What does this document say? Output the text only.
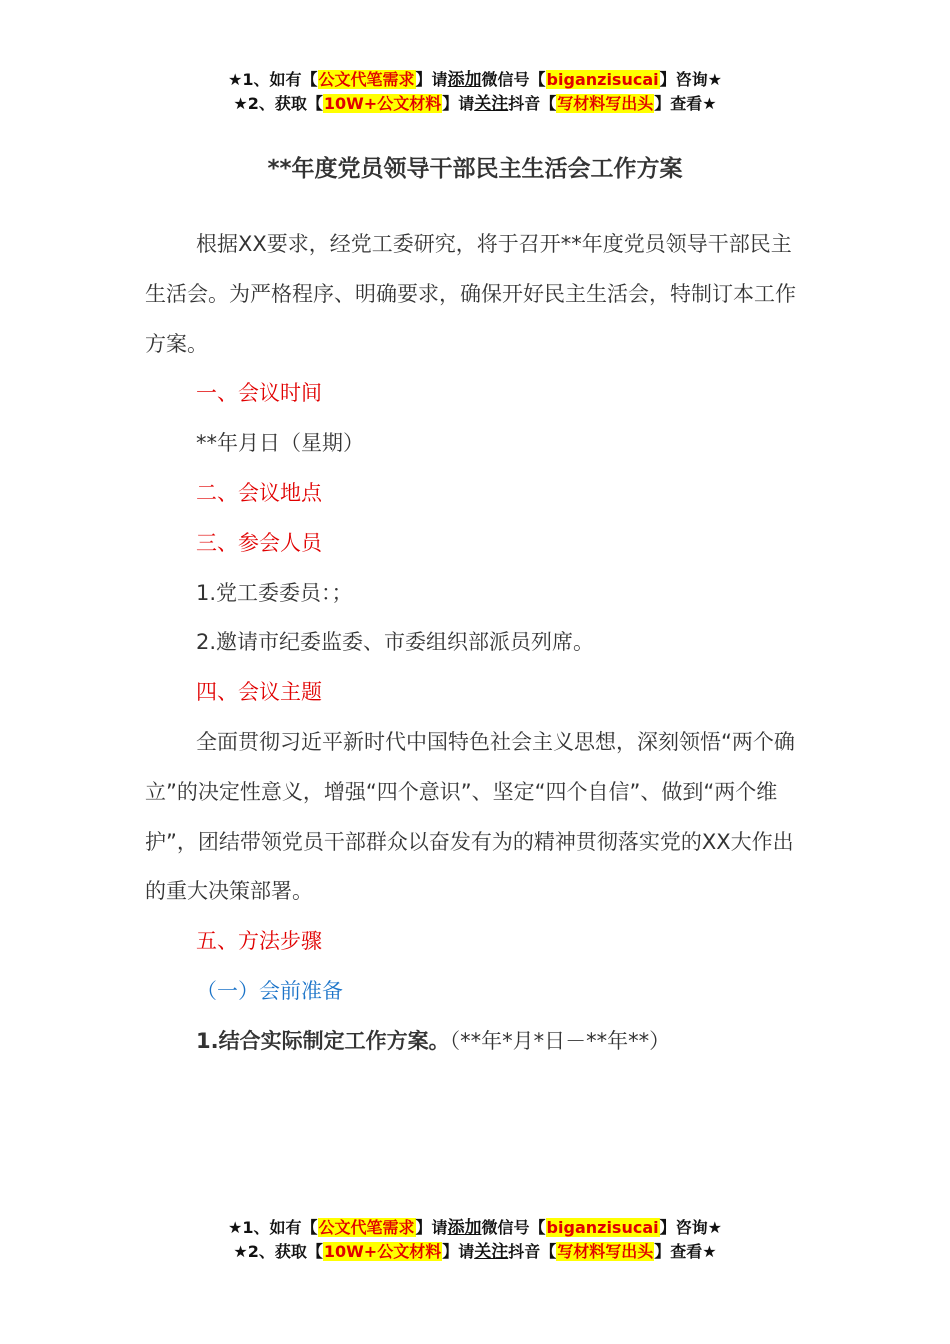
★1、如有【公文代笔需求】请添加微信号【biganzisucai】咨询★
★2、获取【10W+公文材料】请关注抖音【写材料写出头】查看★
**年度党员领导干部民主生活会工作方案

根据XX要求，经党工委研究，将于召开**年度党员领导干部民主生活会。为严格程序、明确要求，确保开好民主生活会，特制订本工作方案。

一、会议时间

**年月日（星期）

二、会议地点

三、参会人员

1.党工委委员：；

2.邀请市纪委监委、市委组织部派员列席。

四、会议主题

全面贯彻习近平新时代中国特色社会主义思想，深刻领悟“两个确立”的决定性意义，增强“四个意识”、坚定“四个自信”、做到“两个维护”，团结带领党员干部群众以奋发有为的精神贯彻落实党的XX大作出的重大决策部署。

五、方法步骤

（一）会前准备

1.结合实际制定工作方案。（**年*月*日－**年**）

★1、如有【公文代笔需求】请添加微信号【biganzisucai】咨询★
★2、获取【10W+公文材料】请关注抖音【写材料写出头】查看★
